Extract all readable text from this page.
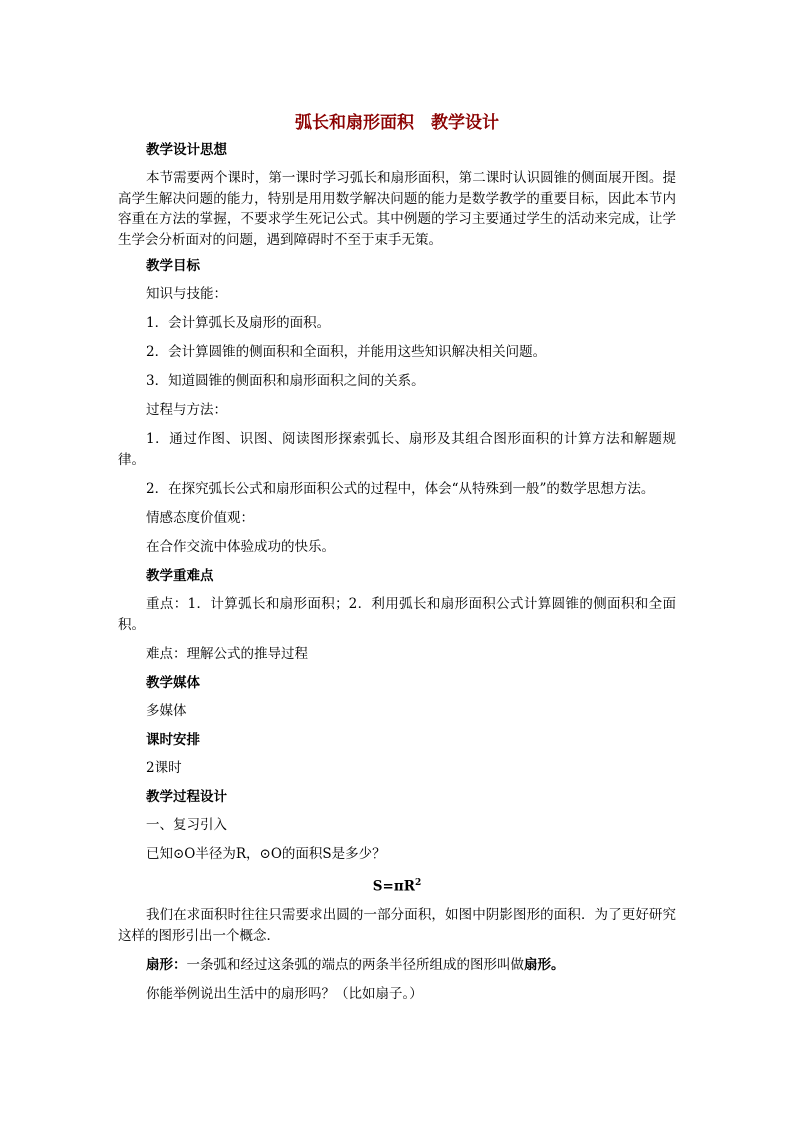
弧长和扇形面积　教学设计
教学设计思想
本节需要两个课时，第一课时学习弧长和扇形面积，第二课时认识圆锥的侧面展开图。提高学生解决问题的能力，特别是用用数学解决问题的能力是数学教学的重要目标，因此本节内容重在方法的掌握，不要求学生死记公式。其中例题的学习主要通过学生的活动来完成，让学生学会分析面对的问题，遇到障碍时不至于束手无策。
教学目标
知识与技能：
1．会计算弧长及扇形的面积。
2．会计算圆锥的侧面积和全面积，并能用这些知识解决相关问题。
3．知道圆锥的侧面积和扇形面积之间的关系。
过程与方法：
1．通过作图、识图、阅读图形探索弧长、扇形及其组合图形面积的计算方法和解题规律。
2．在探究弧长公式和扇形面积公式的过程中，体会“从特殊到一般”的数学思想方法。
情感态度价值观：
在合作交流中体验成功的快乐。
教学重难点
重点：1．计算弧长和扇形面积；2．利用弧长和扇形面积公式计算圆锥的侧面积和全面积。
难点：理解公式的推导过程
教学媒体
多媒体
课时安排
2课时
教学过程设计
一、复习引入
已知⊙O半径为R，⊙O的面积S是多少？
$S=\pi R^2$
我们在求面积时往往只需要求出圆的一部分面积，如图中阴影图形的面积．为了更好研究这样的图形引出一个概念．
扇形：一条弧和经过这条弧的端点的两条半径所组成的图形叫做扇形。
你能举例说出生活中的扇形吗？（比如扇子。）
